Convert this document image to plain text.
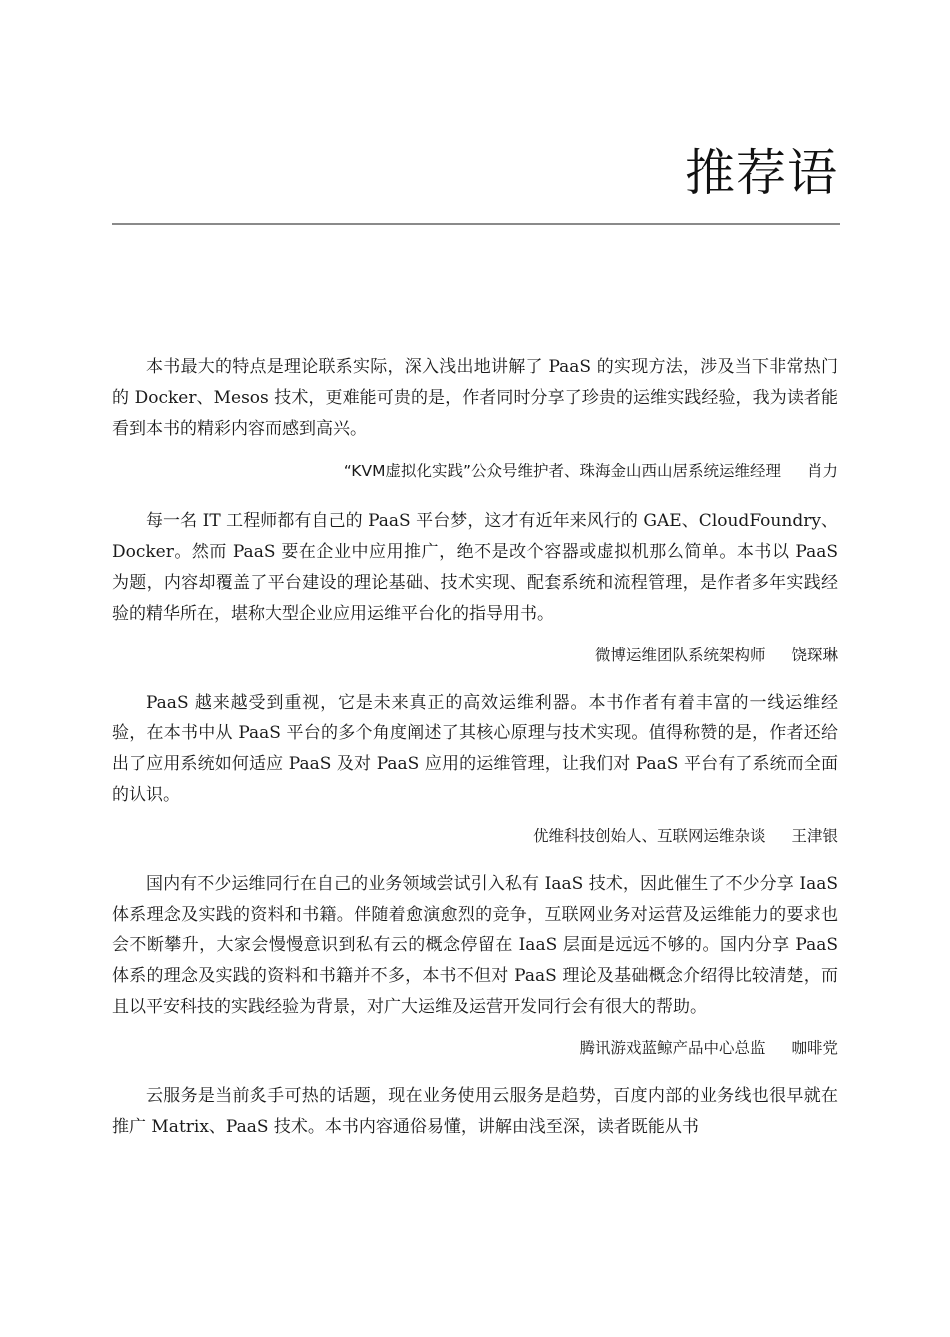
推荐语

本书最大的特点是理论联系实际，深入浅出地讲解了 PaaS 的实现方法，涉及当下非常热门的 Docker、Mesos 技术，更难能可贵的是，作者同时分享了珍贵的运维实践经验，我为读者能看到本书的精彩内容而感到高兴。

“KVM虚拟化实践”公众号维护者、珠海金山西山居系统运维经理 肖力

每一名 IT 工程师都有自己的 PaaS 平台梦，这才有近年来风行的 GAE、CloudFoundry、Docker。然而 PaaS 要在企业中应用推广，绝不是改个容器或虚拟机那么简单。本书以 PaaS 为题，内容却覆盖了平台建设的理论基础、技术实现、配套系统和流程管理，是作者多年实践经验的精华所在，堪称大型企业应用运维平台化的指导用书。

微博运维团队系统架构师 饶琛琳

PaaS 越来越受到重视，它是未来真正的高效运维利器。本书作者有着丰富的一线运维经验，在本书中从 PaaS 平台的多个角度阐述了其核心原理与技术实现。值得称赞的是，作者还给出了应用系统如何适应 PaaS 及对 PaaS 应用的运维管理，让我们对 PaaS 平台有了系统而全面的认识。

优维科技创始人、互联网运维杂谈 王津银

国内有不少运维同行在自己的业务领域尝试引入私有 IaaS 技术，因此催生了不少分享 IaaS 体系理念及实践的资料和书籍。伴随着愈演愈烈的竞争，互联网业务对运营及运维能力的要求也会不断攀升，大家会慢慢意识到私有云的概念停留在 IaaS 层面是远远不够的。国内分享 PaaS 体系的理念及实践的资料和书籍并不多，本书不但对 PaaS 理论及基础概念介绍得比较清楚，而且以平安科技的实践经验为背景，对广大运维及运营开发同行会有很大的帮助。

腾讯游戏蓝鲸产品中心总监 咖啡党

云服务是当前炙手可热的话题，现在业务使用云服务是趋势，百度内部的业务线也很早就在推广 Matrix、PaaS 技术。本书内容通俗易懂，讲解由浅至深，读者既能从书
